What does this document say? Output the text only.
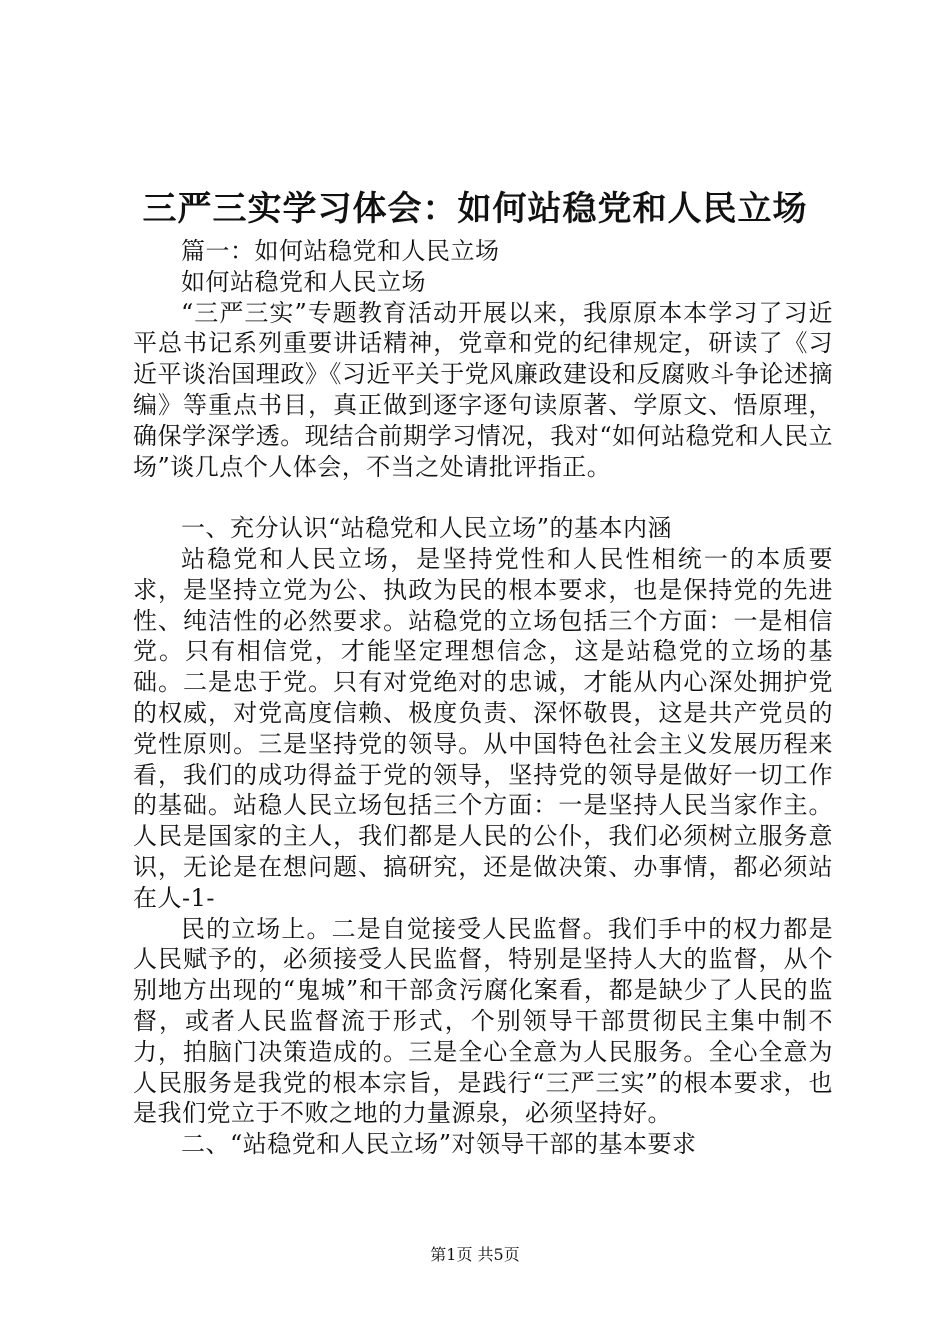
三严三实学习体会：如何站稳党和人民立场

篇一：如何站稳党和人民立场

如何站稳党和人民立场

“三严三实”专题教育活动开展以来，我原原本本学习了习近平总书记系列重要讲话精神，党章和党的纪律规定，研读了《习近平谈治国理政》《习近平关于党风廉政建设和反腐败斗争论述摘编》等重点书目，真正做到逐字逐句读原著、学原文、悟原理，确保学深学透。现结合前期学习情况，我对“如何站稳党和人民立场”谈几点个人体会，不当之处请批评指正。

一、充分认识“站稳党和人民立场”的基本内涵

站稳党和人民立场，是坚持党性和人民性相统一的本质要求，是坚持立党为公、执政为民的根本要求，也是保持党的先进性、纯洁性的必然要求。站稳党的立场包括三个方面：一是相信党。只有相信党，才能坚定理想信念，这是站稳党的立场的基础。二是忠于党。只有对党绝对的忠诚，才能从内心深处拥护党的权威，对党高度信赖、极度负责、深怀敬畏，这是共产党员的党性原则。三是坚持党的领导。从中国特色社会主义发展历程来看，我们的成功得益于党的领导，坚持党的领导是做好一切工作的基础。站稳人民立场包括三个方面：一是坚持人民当家作主。人民是国家的主人，我们都是人民的公仆，我们必须树立服务意识，无论是在想问题、搞研究，还是做决策、办事情，都必须站在人-1-

民的立场上。二是自觉接受人民监督。我们手中的权力都是人民赋予的，必须接受人民监督，特别是坚持人大的监督，从个别地方出现的“鬼城”和干部贪污腐化案看，都是缺少了人民的监督，或者人民监督流于形式，个别领导干部贯彻民主集中制不力，拍脑门决策造成的。三是全心全意为人民服务。全心全意为人民服务是我党的根本宗旨，是践行“三严三实”的根本要求，也是我们党立于不败之地的力量源泉，必须坚持好。

二、“站稳党和人民立场”对领导干部的基本要求

第1页 共5页
